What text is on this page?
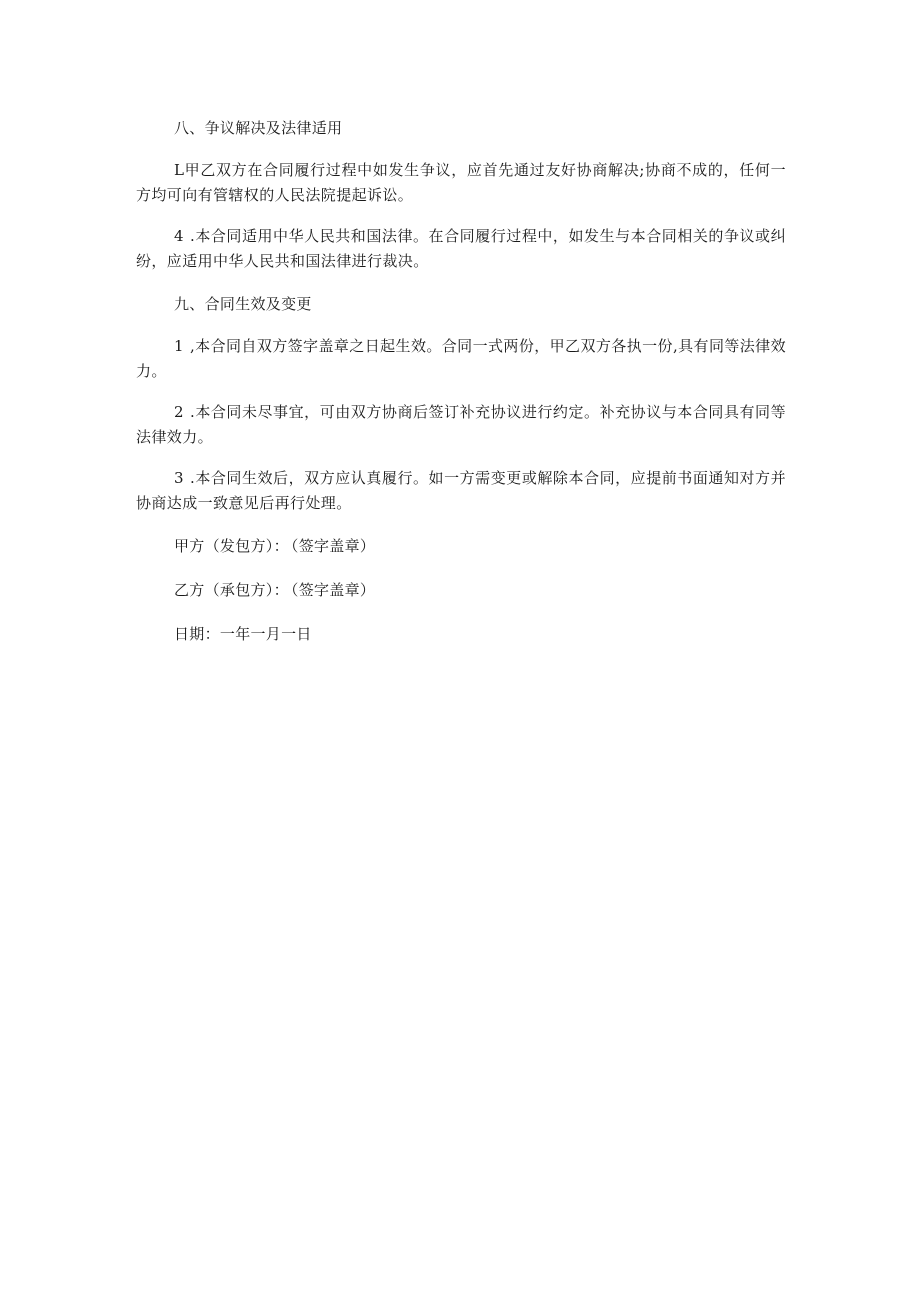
八、争议解决及法律适用

L甲乙双方在合同履行过程中如发生争议，应首先通过友好协商解决;协商不成的，任何一方均可向有管辖权的人民法院提起诉讼。

4 .本合同适用中华人民共和国法律。在合同履行过程中，如发生与本合同相关的争议或纠纷，应适用中华人民共和国法律进行裁决。

九、合同生效及变更

1 ,本合同自双方签字盖章之日起生效。合同一式两份，甲乙双方各执一份,具有同等法律效力。

2 .本合同未尽事宜，可由双方协商后签订补充协议进行约定。补充协议与本合同具有同等法律效力。

3 .本合同生效后，双方应认真履行。如一方需变更或解除本合同，应提前书面通知对方并协商达成一致意见后再行处理。

甲方（发包方）： （签字盖章）
乙方（承包方）： （签字盖章）
日期：一年一月一日
